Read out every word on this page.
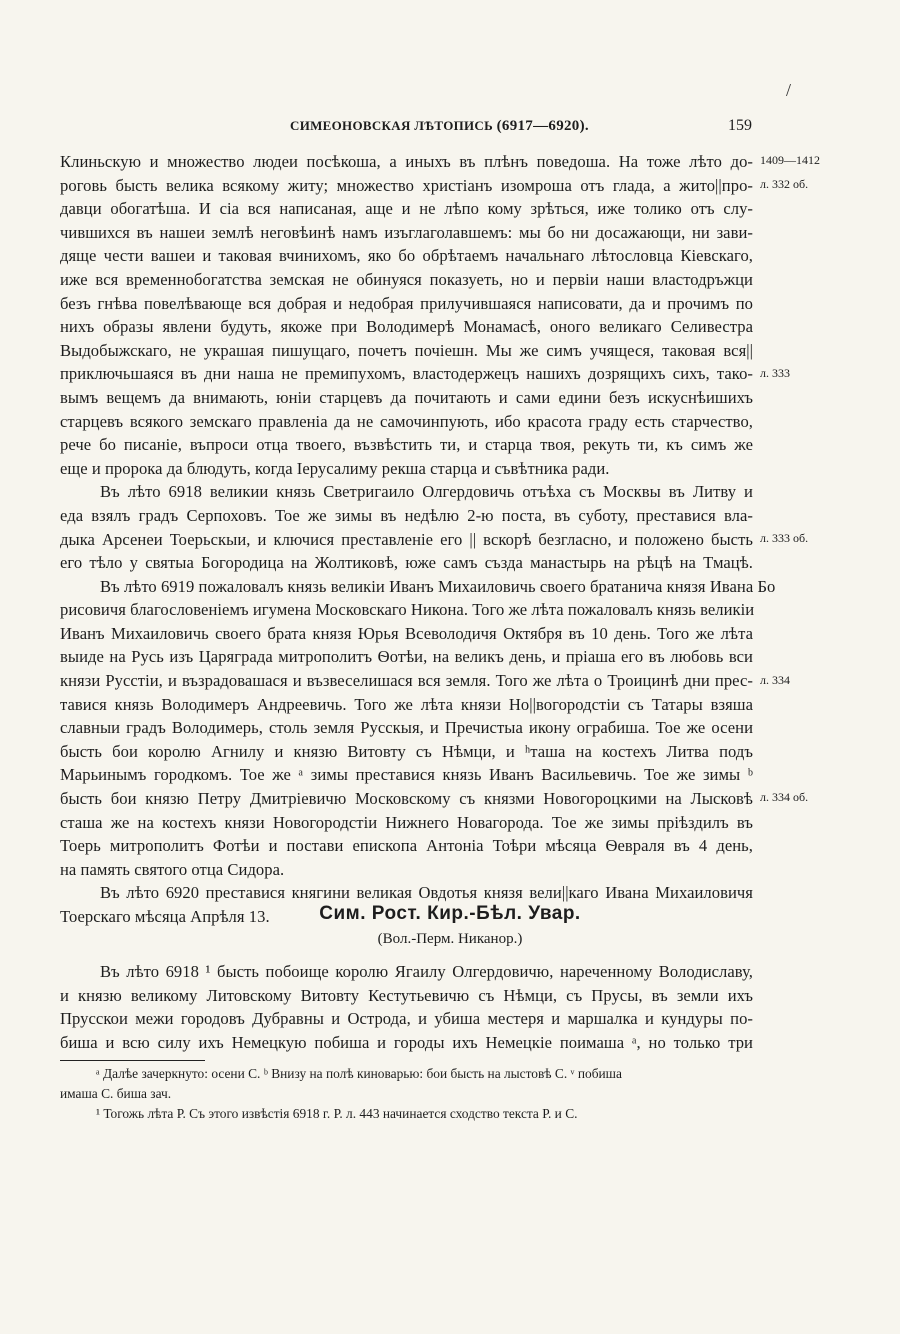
/
СИМЕОНОВСКАЯ ЛѢТОПИСЬ (6917—6920).	159
Клиньскую и множество людеи посѣкоша, а иныхъ въ плѣнъ поведоша. На тоже лѣто до-
роговь бысть велика всякому житу; множество христіанъ изомроша отъ глада, а жито||про-
давци обогатѣша. И сіа вся написаная, аще и не лѣпо кому зрѣться, иже толико отъ слу-
чившихся въ нашеи землѣ неговѣинѣ намъ изъглаголавшемъ: мы бо ни досажающи, ни зави-
дяще чести вашеи и таковая вчинихомъ, яко бо обрѣтаемъ начальнаго лѣтословца Кіевскаго,
иже вся временнобогатства земская не обинуяся показуеть, но и первіи наши властодръжци
безъ гнѣва повелѣвающе вся добрая и недобрая прилучившаяся написовати, да и прочимъ по
нихъ образы явлени будуть, якоже при Володимерѣ Монамасѣ, оного великаго Селивестра
Выдобыжскаго, не украшая пишущаго, почетъ почіешн. Мы же симъ учящеся, таковая вся||
приключьшаяся въ дни наша не премипухомъ, властодержецъ нашихъ дозрящихъ сихъ, тако-
вымъ вещемъ да внимають, юніи старцевъ да почитають и сами едини безъ искуснѣишихъ
старцевъ всякого земскаго правленіа да не самочинпують, ибо красота граду есть старчество,
рече бо писаніе, въпроси отца твоего, възвѣстить ти, и старца твоя, рекуть ти, къ симъ же
еще и пророка да блюдуть, когда Іерусалиму рекша старца и съвѣтника ради.
Въ лѣто 6918 великии князь Светригаило Олгердовичь отъѣха съ Москвы въ Литву и
еда взялъ градъ Серпоховъ. Тое же зимы въ недѣлю 2-ю поста, въ суботу, преставися вла-
дыка Арсенеи Тоерьскыи, и ключися преставленіе его || вскорѣ безгласно, и положено бысть
его тѣло у святыа Богородица на Жолтиковѣ, юже самъ създа манастырь на рѣцѣ на Тмацѣ.
Въ лѣто 6919 пожаловалъ князь великіи Иванъ Михаиловичь своего братанича князя Ивана Бо
рисовичя благословеніемъ игумена Московскаго Никона. Того же лѣта пожаловалъ князь великіи
Иванъ Михаиловичь своего брата князя Юрья Всеволодичя Октября въ 10 день. Того же лѣта
выиде на Русь изъ Царяграда митрополитъ Ѳотѣи, на великъ день, и пріаша его въ любовь вси
князи Русстіи, и възрадовашася и възвеселишася вся земля. Того же лѣта о Троицинѣ дни прес-
тавися князь Володимеръ Андреевичь. Того же лѣта князи Но||вогородстіи съ Татары взяша
славныи градъ Володимерь, столь земля Русскыя, и Пречистыа икону ограбиша. Тое же осени
бысть бои королю Агнилу и князю Витовту съ Нѣмци, и ʰташа на костехъ Литва подъ
Марьинымъ городкомъ. Тое же ᵃ зимы преставися князь Иванъ Васильевичь. Тое же зимы ᵇ
бысть бои князю Петру Дмитріевичю Московскому съ князми Новогороцкими на Лысковѣ
сташа же на костехъ князи Новогородстіи Нижнего Новагорода. Тое же зимы пріѣздилъ въ
Тоерь митрополитъ Фотѣи и постави епископа Антоніа Тоѣри мѣсяца Ѳевраля въ 4 день,
на память святого отца Сидора.
Въ лѣто 6920 преставися княгини великая Овдотья князя вели||каго Ивана Михаиловичя
Тоерскаго мѣсяца Апрѣля 13.
1409—1412
л. 332 об.
л. 333
л. 333 об.
л. 334
л. 334 об.
Сим. Рост. Кир.-Бѣл. Увар.
(Вол.-Перм. Никанор.)
Въ лѣто 6918 ¹ бысть побоище королю Ягаилу Олгердовичю, нареченному Володиславу,
и князю великому Литовскому Витовту Кестутьевичю съ Нѣмци, съ Прусы, въ земли ихъ
Прусскои межи городовъ Дубравны и Острода, и убиша местеря и маршалка и кундуры по-
биша и всю силу ихъ Немецкую побиша и городы ихъ Немецкіе поимаша ᵃ, но только три
ᵃ Далѣе зачеркнуто: осени С. ᵇ Внизу на полѣ киноварью: бои бысть на лыстовѣ С. ᵛ побиша
имаша С. биша зач.
¹ Тогожь лѣта Р. Съ этого извѣстія 6918 г. Р. л. 443 начинается сходство текста Р. и С.
